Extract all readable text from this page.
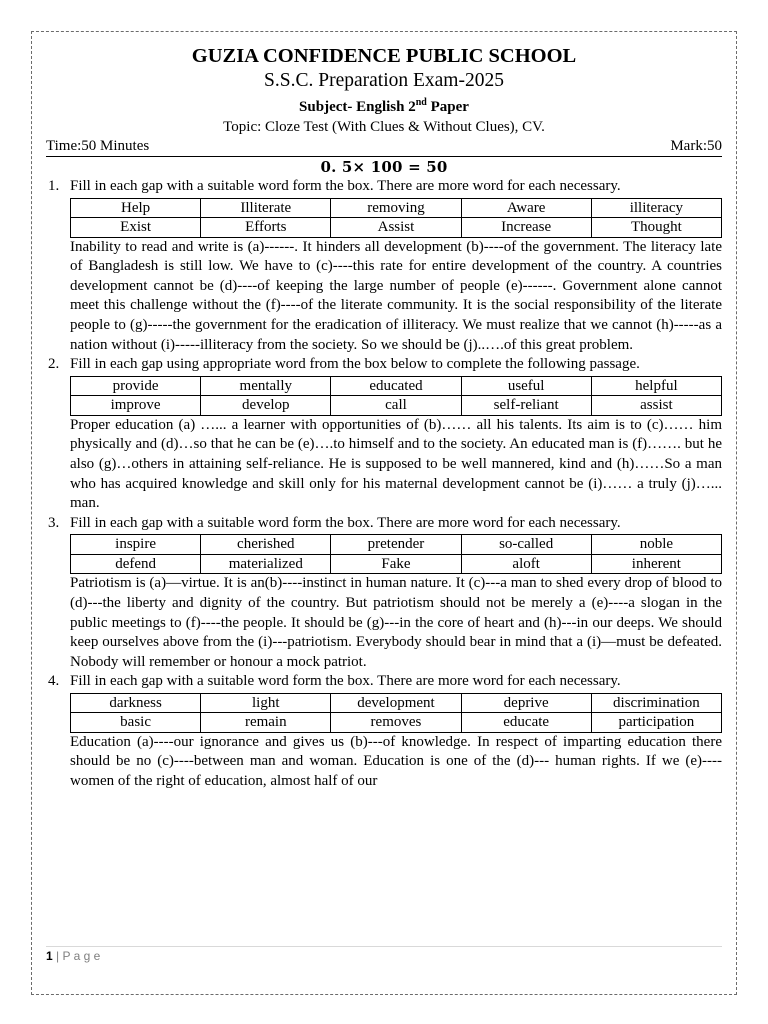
GUZIA CONFIDENCE PUBLIC SCHOOL
S.S.C. Preparation Exam-2025
Subject- English 2nd Paper
Topic: Cloze Test (With Clues & Without Clues), CV.
Time:50 Minutes	Mark:50
𝟎. 𝟓× 𝟏𝟎𝟎 = 𝟓𝟎
1. Fill in each gap with a suitable word form the box. There are more word for each necessary.
Help	Illiterate	removing	Aware	illiteracy
Exist	Efforts	Assist	Increase	Thought
Inability to read and write is (a)------. It hinders all development (b)----of the government. The literacy late of Bangladesh is still low. We have to (c)----this rate for entire development of the country. A countries development cannot be (d)----of keeping the large number of people (e)------. Government alone cannot meet this challenge without the (f)----of the literate community. It is the social responsibility of the literate people to (g)-----the government for the eradication of illiteracy. We must realize that we cannot (h)-----as a nation without (i)-----illiteracy from the society. So we should be (j)..….of this great problem.
2. Fill in each gap using appropriate word from the box below to complete the following passage.
provide	mentally	educated	useful	helpful
improve	develop	call	self-reliant	assist
Proper education (a) …... a learner with opportunities of (b)…… all his talents. Its aim is to (c)…… him physically and (d)…so that he can be (e)….to himself and to the society. An educated man is (f)……. but he also (g)…others in attaining self-reliance. He is supposed to be well mannered, kind and (h)……So a man who has acquired knowledge and skill only for his maternal development cannot be (i)…… a truly (j)…... man.
3. Fill in each gap with a suitable word form the box. There are more word for each necessary.
inspire	cherished	pretender	so-called	noble
defend	materialized	Fake	aloft	inherent
Patriotism is (a)—virtue. It is an(b)----instinct in human nature. It (c)---a man to shed every drop of blood to (d)---the liberty and dignity of the country. But patriotism should not be merely a (e)----a slogan in the public meetings to (f)----the people. It should be (g)---in the core of heart and (h)---in our deeps. We should keep ourselves above from the (i)---patriotism. Everybody should bear in mind that a (i)—must be defeated. Nobody will remember or honour a mock patriot.
4. Fill in each gap with a suitable word form the box. There are more word for each necessary.
darkness	light	development	deprive	discrimination
basic	remain	removes	educate	participation
Education (a)----our ignorance and gives us (b)---of knowledge. In respect of imparting education there should be no (c)----between man and woman. Education is one of the (d)--- human rights. If we (e)----women of the right of education, almost half of our
1 | P a g e
